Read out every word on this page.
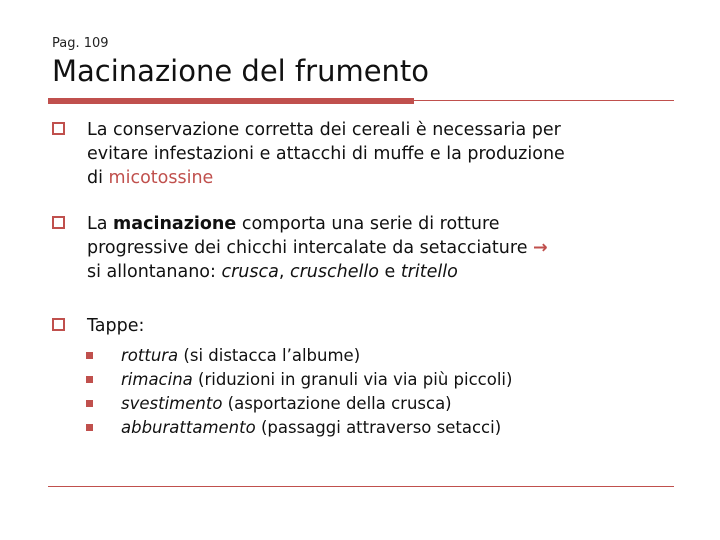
Pag. 109
Macinazione del frumento
La conservazione corretta dei cereali è necessaria per
evitare infestazioni e attacchi di muffe e la produzione
di micotossine
La macinazione comporta una serie di rotture
progressive dei chicchi intercalate da setacciature →
si allontanano: crusca, cruschello e tritello
Tappe:
rottura (si distacca l’albume)
rimacina (riduzioni in granuli via via più piccoli)
svestimento (asportazione della crusca)
abburattamento (passaggi attraverso setacci)
